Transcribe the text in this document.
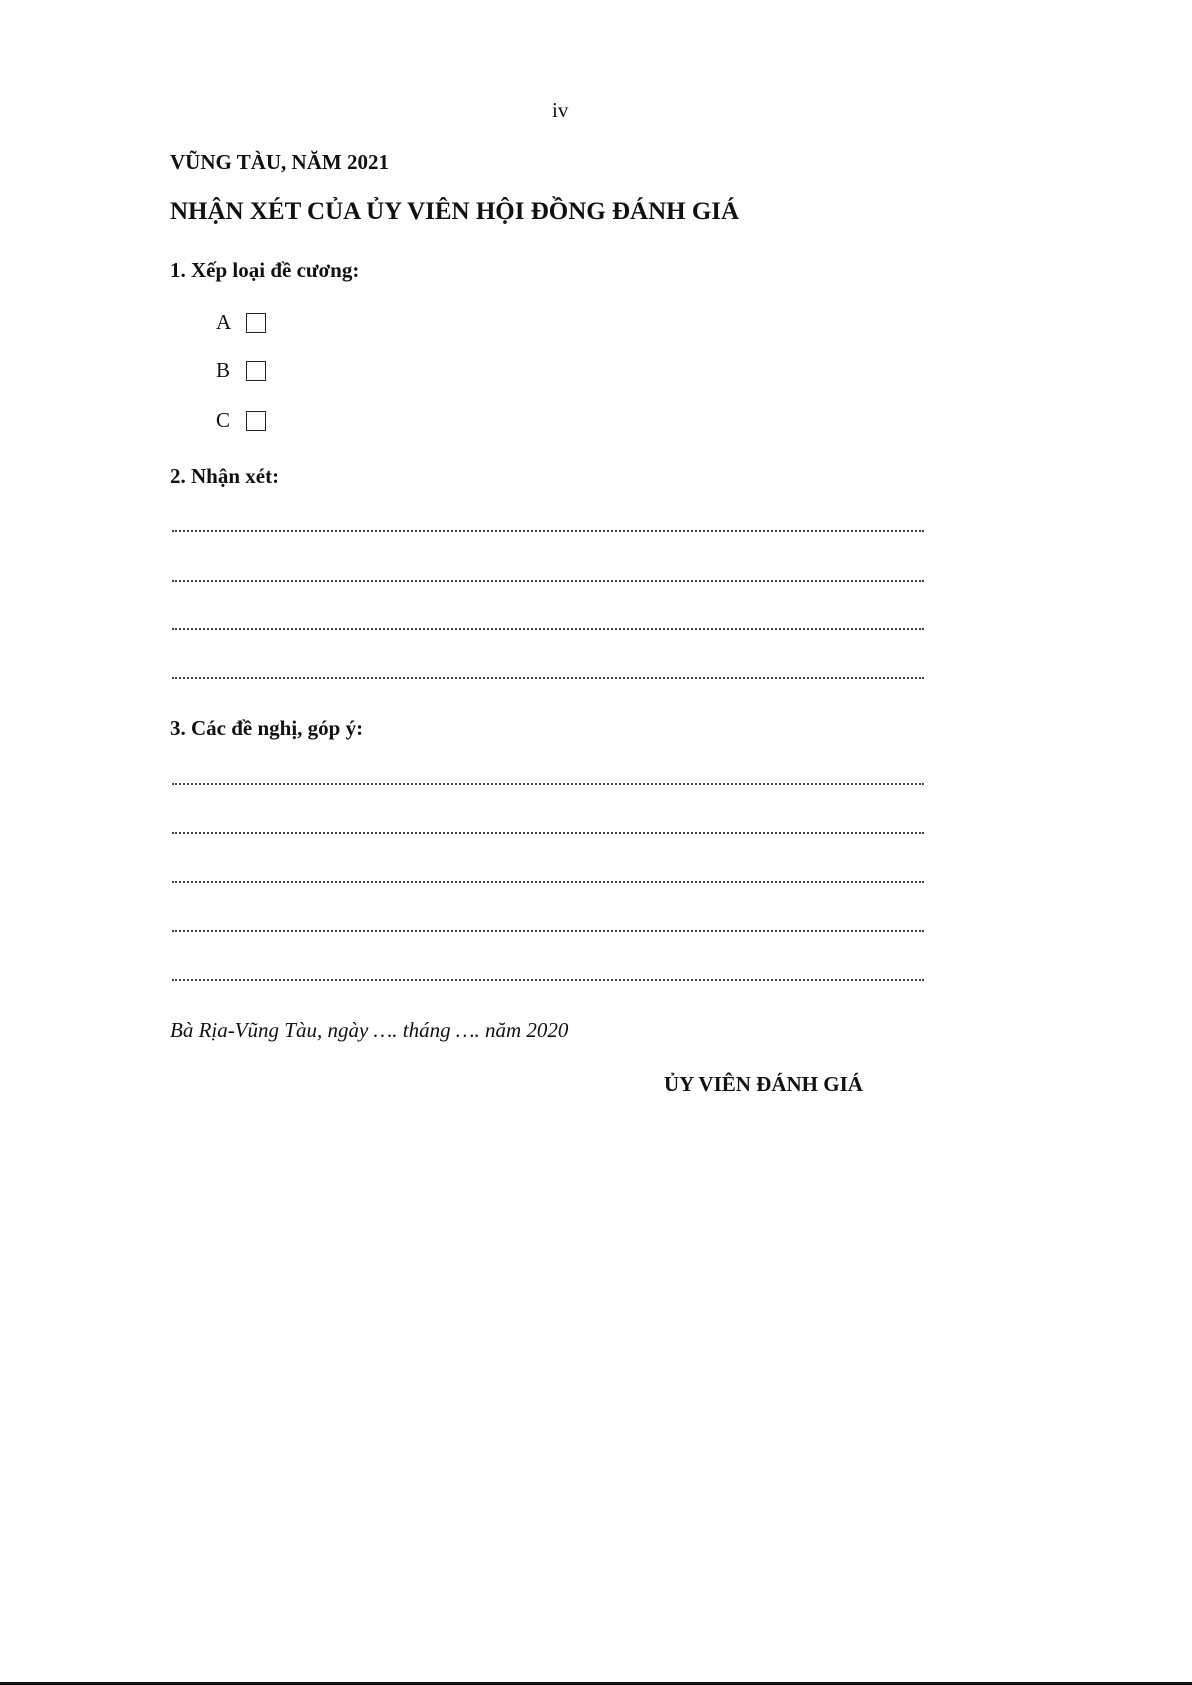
iv
VŨNG TÀU, NĂM 2021
NHẬN XÉT CỦA ỦY VIÊN HỘI ĐỒNG ĐÁNH GIÁ
1. Xếp loại đề cương:
A
B
C
2. Nhận xét:
3. Các đề nghị, góp ý:
Bà Rịa-Vũng Tàu, ngày …. tháng …. năm 2020
ỦY VIÊN ĐÁNH GIÁ
